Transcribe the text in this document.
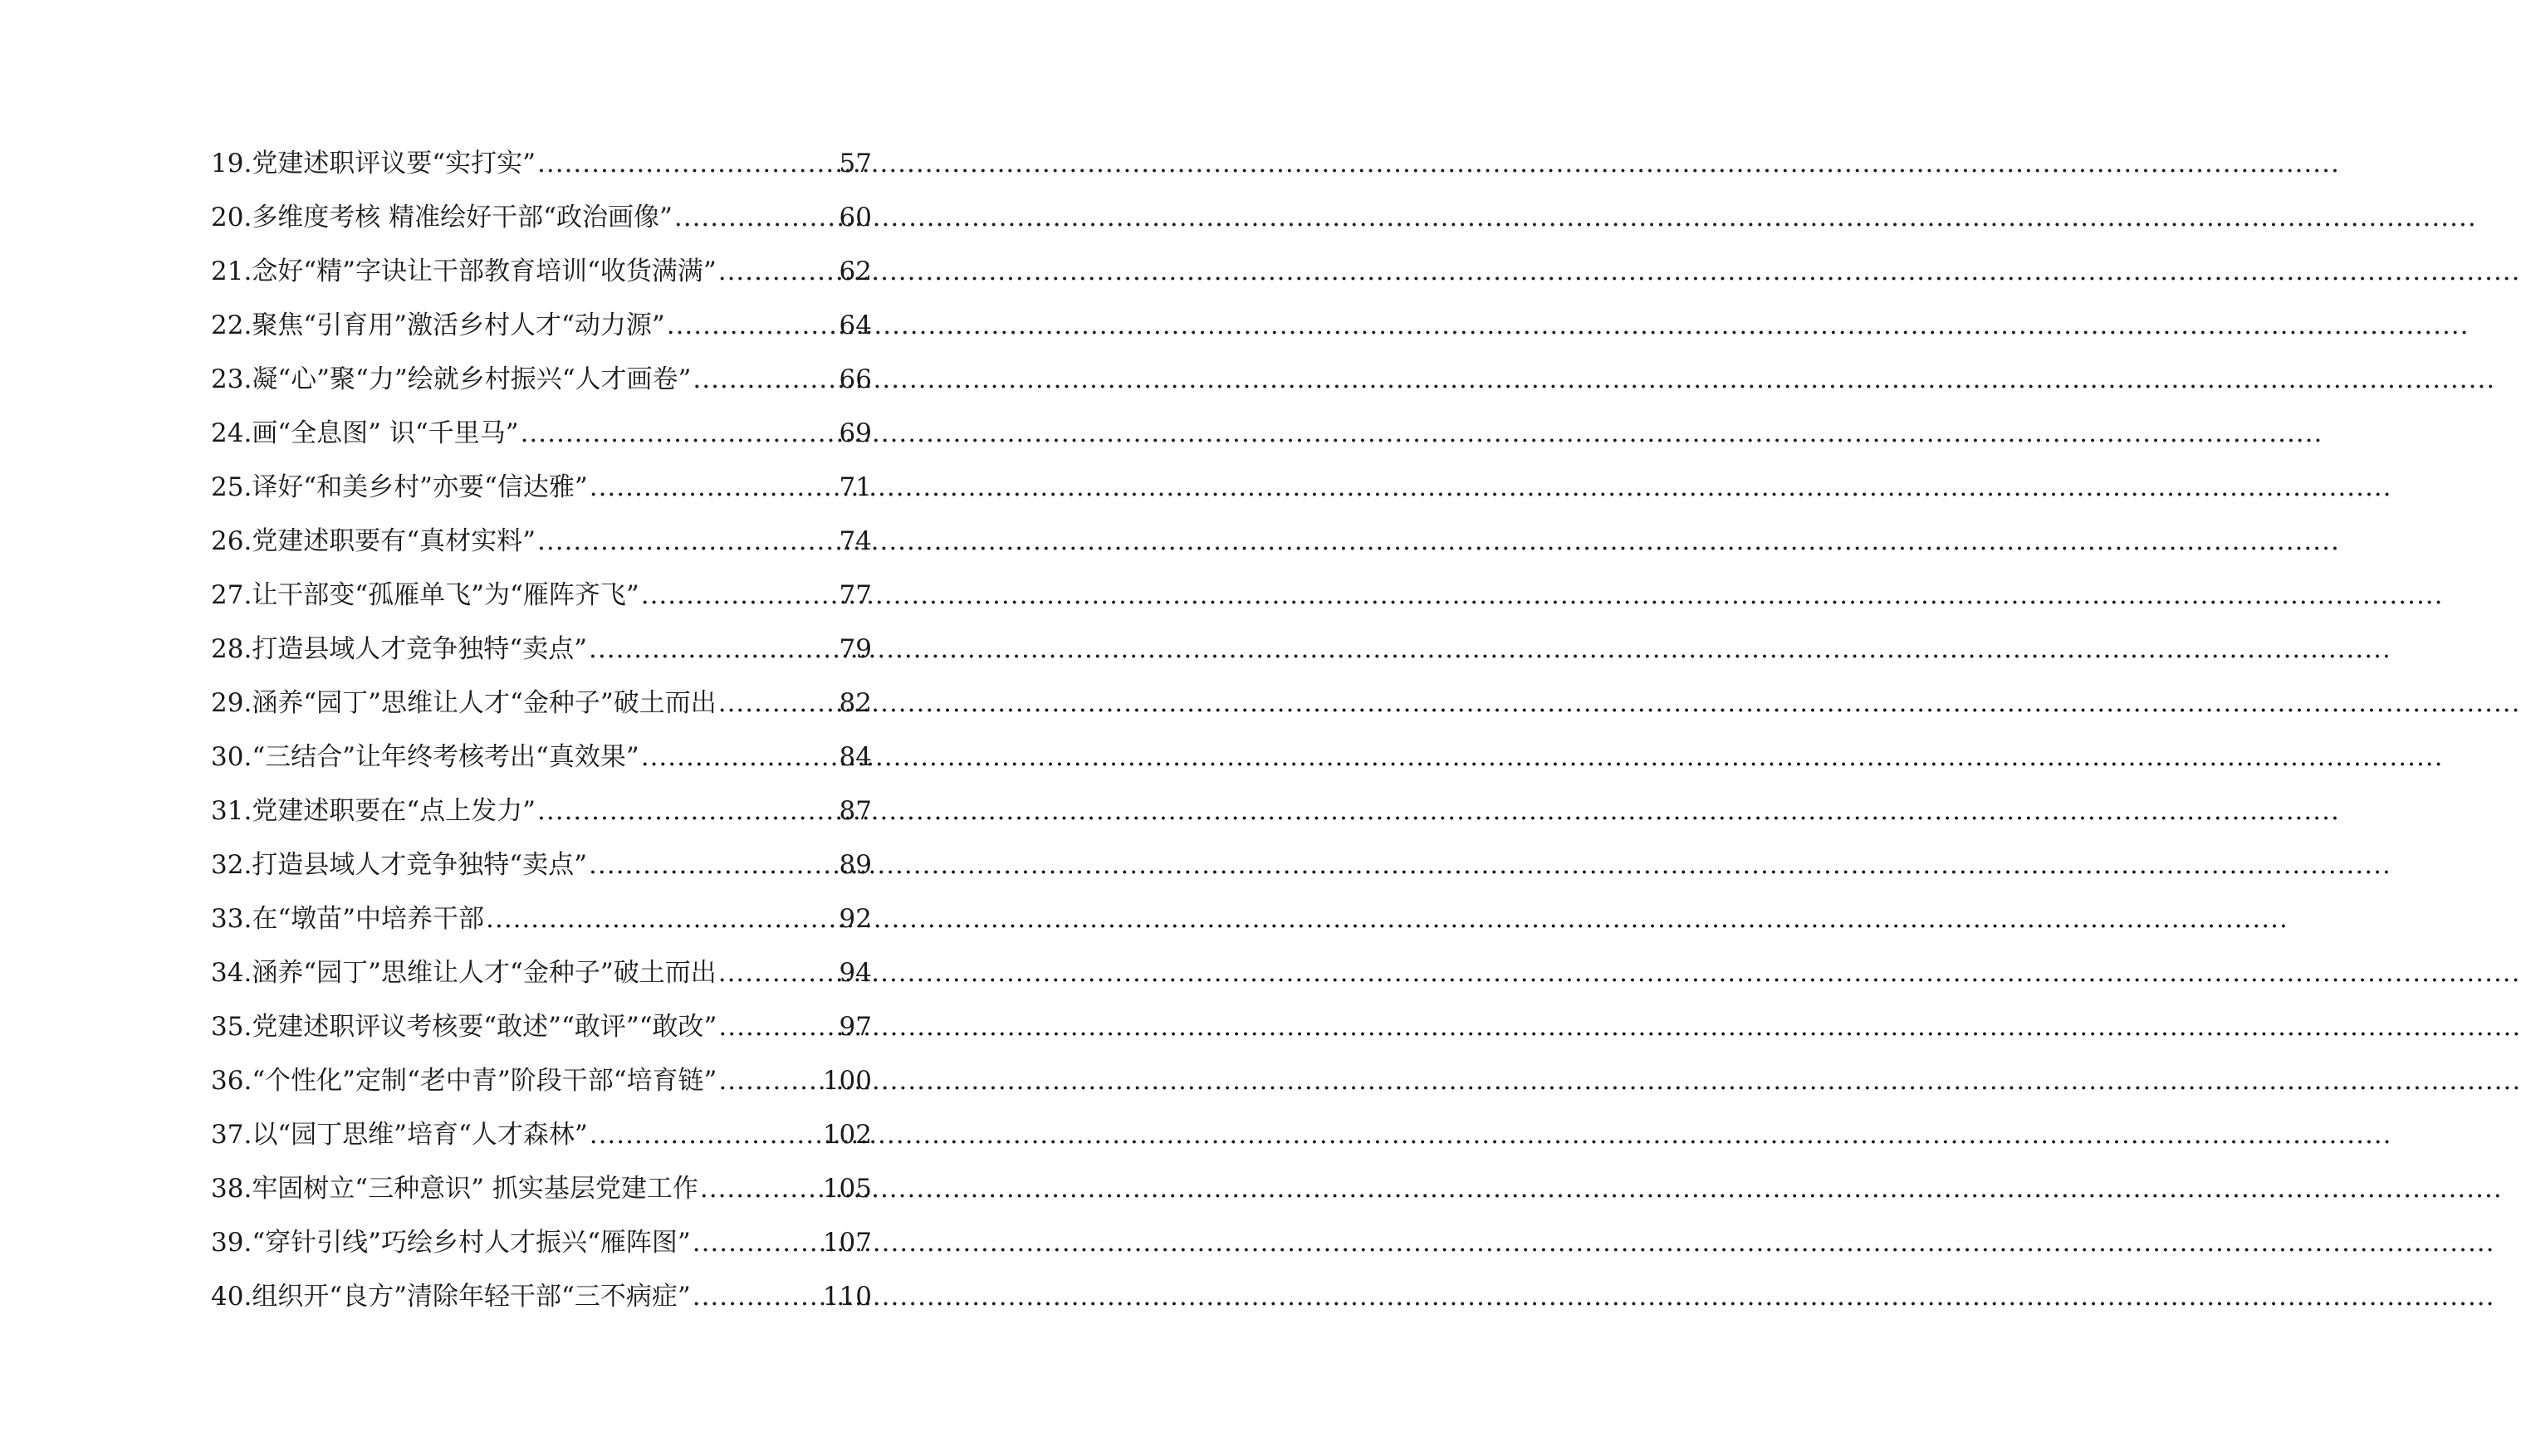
19. 党建述职评议要“实打实” .....	57
20. 多维度考核 精准绘好干部“政治画像” .....	60
21. 念好“精”字诀让干部教育培训“收货满满” .....	62
22. 聚焦“引育用”激活乡村人才“动力源” .....	64
23. 凝“心”聚“力”绘就乡村振兴“人才画卷” .....	66
24. 画“全息图” 识“千里马” .....	69
25. 译好“和美乡村”亦要“信达雅” .....	71
26. 党建述职要有“真材实料” .....	74
27. 让干部变“孤雁单飞”为“雁阵齐飞” .....	77
28. 打造县域人才竞争独特“卖点” .....	79
29. 涵养“园丁”思维让人才“金种子”破土而出 .....	82
30. “三结合”让年终考核考出“真效果” .....	84
31. 党建述职要在“点上发力” .....	87
32. 打造县域人才竞争独特“卖点” .....	89
33. 在“墩苗”中培养干部 .....	92
34. 涵养“园丁”思维让人才“金种子”破土而出 .....	94
35. 党建述职评议考核要“敢述”“敢评”“敢改” .....	97
36. “个性化”定制“老中青”阶段干部“培育链” .....	100
37. 以“园丁思维”培育“人才森林” .....	102
38. 牢固树立“三种意识” 抓实基层党建工作 .....	105
39. “穿针引线”巧绘乡村人才振兴“雁阵图” .....	107
40. 组织开“良方”清除年轻干部“三不病症” .....	110
